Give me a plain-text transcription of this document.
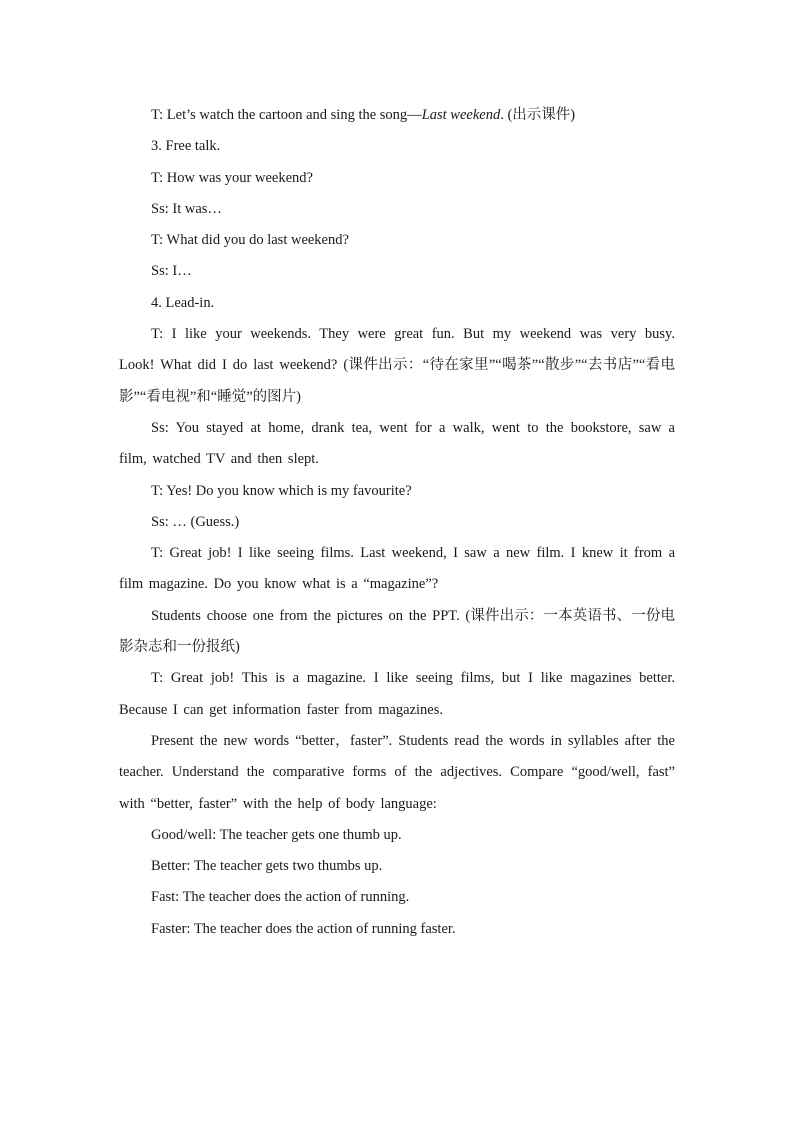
T: Let’s watch the cartoon and sing the song—Last weekend. (出示课件)

3. Free talk.

T: How was your weekend?

Ss: It was…

T: What did you do last weekend?

Ss: I…

4. Lead-in.

T: I like your weekends. They were great fun. But my weekend was very busy. Look! What did I do last weekend? (课件出示：“待在家里”“喝茶”“散步”“去书店”“看电影”“看电视”和“睡觉”的图片)

Ss: You stayed at home, drank tea, went for a walk, went to the bookstore, saw a film, watched TV and then slept.

T: Yes! Do you know which is my favourite?

Ss: … (Guess.)

T: Great job! I like seeing films. Last weekend, I saw a new film. I knew it from a film magazine. Do you know what is a “magazine”?

Students choose one from the pictures on the PPT. (课件出示：一本英语书、一份电影杂志和一份报纸)

T: Great job! This is a magazine. I like seeing films, but I like magazines better. Because I can get information faster from magazines.

Present the new words “better，faster”. Students read the words in syllables after the teacher. Understand the comparative forms of the adjectives. Compare “good/well, fast” with “better, faster” with the help of body language:

Good/well: The teacher gets one thumb up.

Better: The teacher gets two thumbs up.

Fast: The teacher does the action of running.

Faster: The teacher does the action of running faster.
